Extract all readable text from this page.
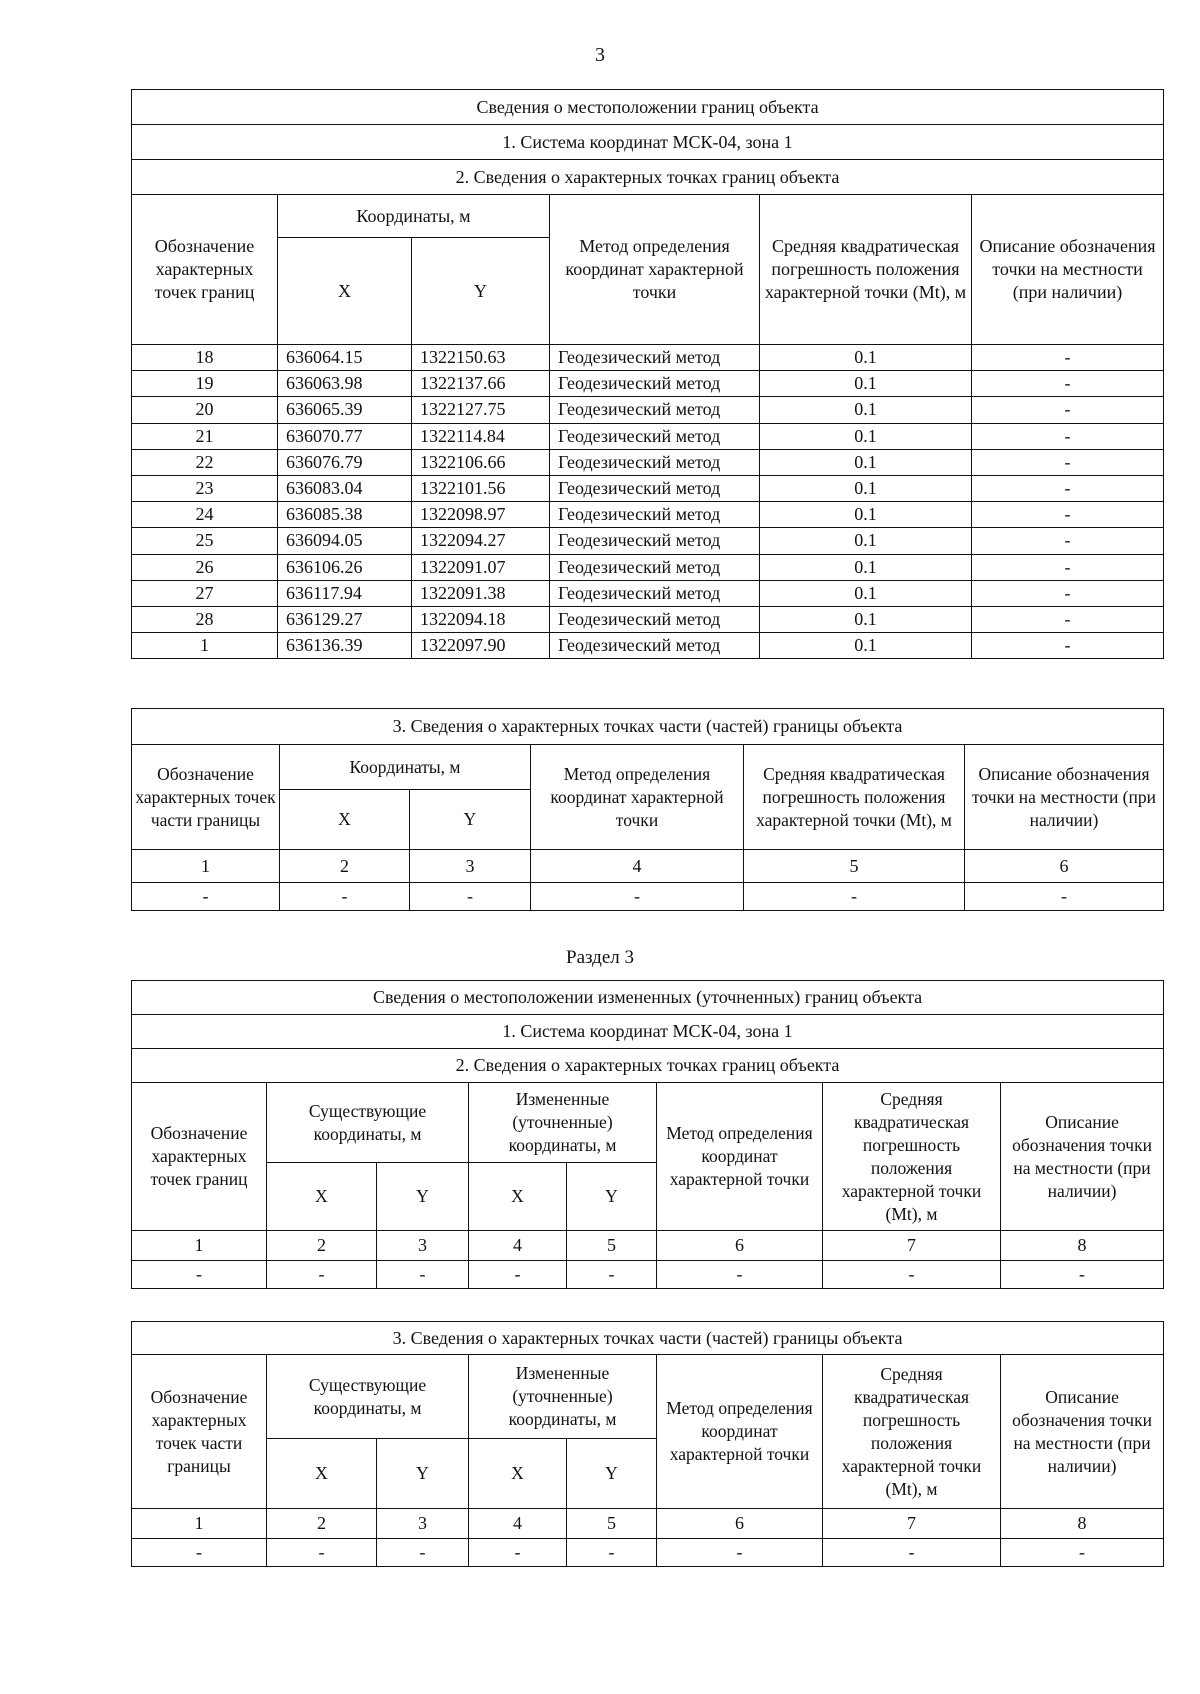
3
Сведения о местоположении границ объекта					
1. Система координат МСК-04, зона 1					
2. Сведения о характерных точках границ объекта					
Обозначение характерных точек границ	Координаты, м		Метод определения координат характерной точки	Средняя квадратическая погрешность положения характерной точки (Mt), м	Описание обозначения точки на местности (при наличии)
	X	Y			
18	636064.15	1322150.63	Геодезический метод	0.1	-
19	636063.98	1322137.66	Геодезический метод	0.1	-
20	636065.39	1322127.75	Геодезический метод	0.1	-
21	636070.77	1322114.84	Геодезический метод	0.1	-
22	636076.79	1322106.66	Геодезический метод	0.1	-
23	636083.04	1322101.56	Геодезический метод	0.1	-
24	636085.38	1322098.97	Геодезический метод	0.1	-
25	636094.05	1322094.27	Геодезический метод	0.1	-
26	636106.26	1322091.07	Геодезический метод	0.1	-
27	636117.94	1322091.38	Геодезический метод	0.1	-
28	636129.27	1322094.18	Геодезический метод	0.1	-
1	636136.39	1322097.90	Геодезический метод	0.1	-
3. Сведения о характерных точках части (частей) границы объекта					
Обозначение характерных точек части границы	Координаты, м		Метод определения координат характерной точки	Средняя квадратическая погрешность положения характерной точки (Mt), м	Описание обозначения точки на местности (при наличии)
	X	Y			
1	2	3	4	5	6
-	-	-	-	-	-
Раздел 3
Сведения о местоположении измененных (уточненных) границ объекта							
1. Система координат МСК-04, зона 1							
2. Сведения о характерных точках границ объекта							
Обозначение характерных точек границ	Существующие координаты, м		Измененные (уточненные) координаты, м		Метод определения координат характерной точки	Средняя квадратическая погрешность положения характерной точки (Mt), м	Описание обозначения точки на местности (при наличии)
	X	Y	X	Y			
1	2	3	4	5	6	7	8
-	-	-	-	-	-	-	-
3. Сведения о характерных точках части (частей) границы объекта							
Обозначение характерных точек части границы	Существующие координаты, м		Измененные (уточненные) координаты, м		Метод определения координат характерной точки	Средняя квадратическая погрешность положения характерной точки (Mt), м	Описание обозначения точки на местности (при наличии)
	X	Y	X	Y			
1	2	3	4	5	6	7	8
-	-	-	-	-	-	-	-
